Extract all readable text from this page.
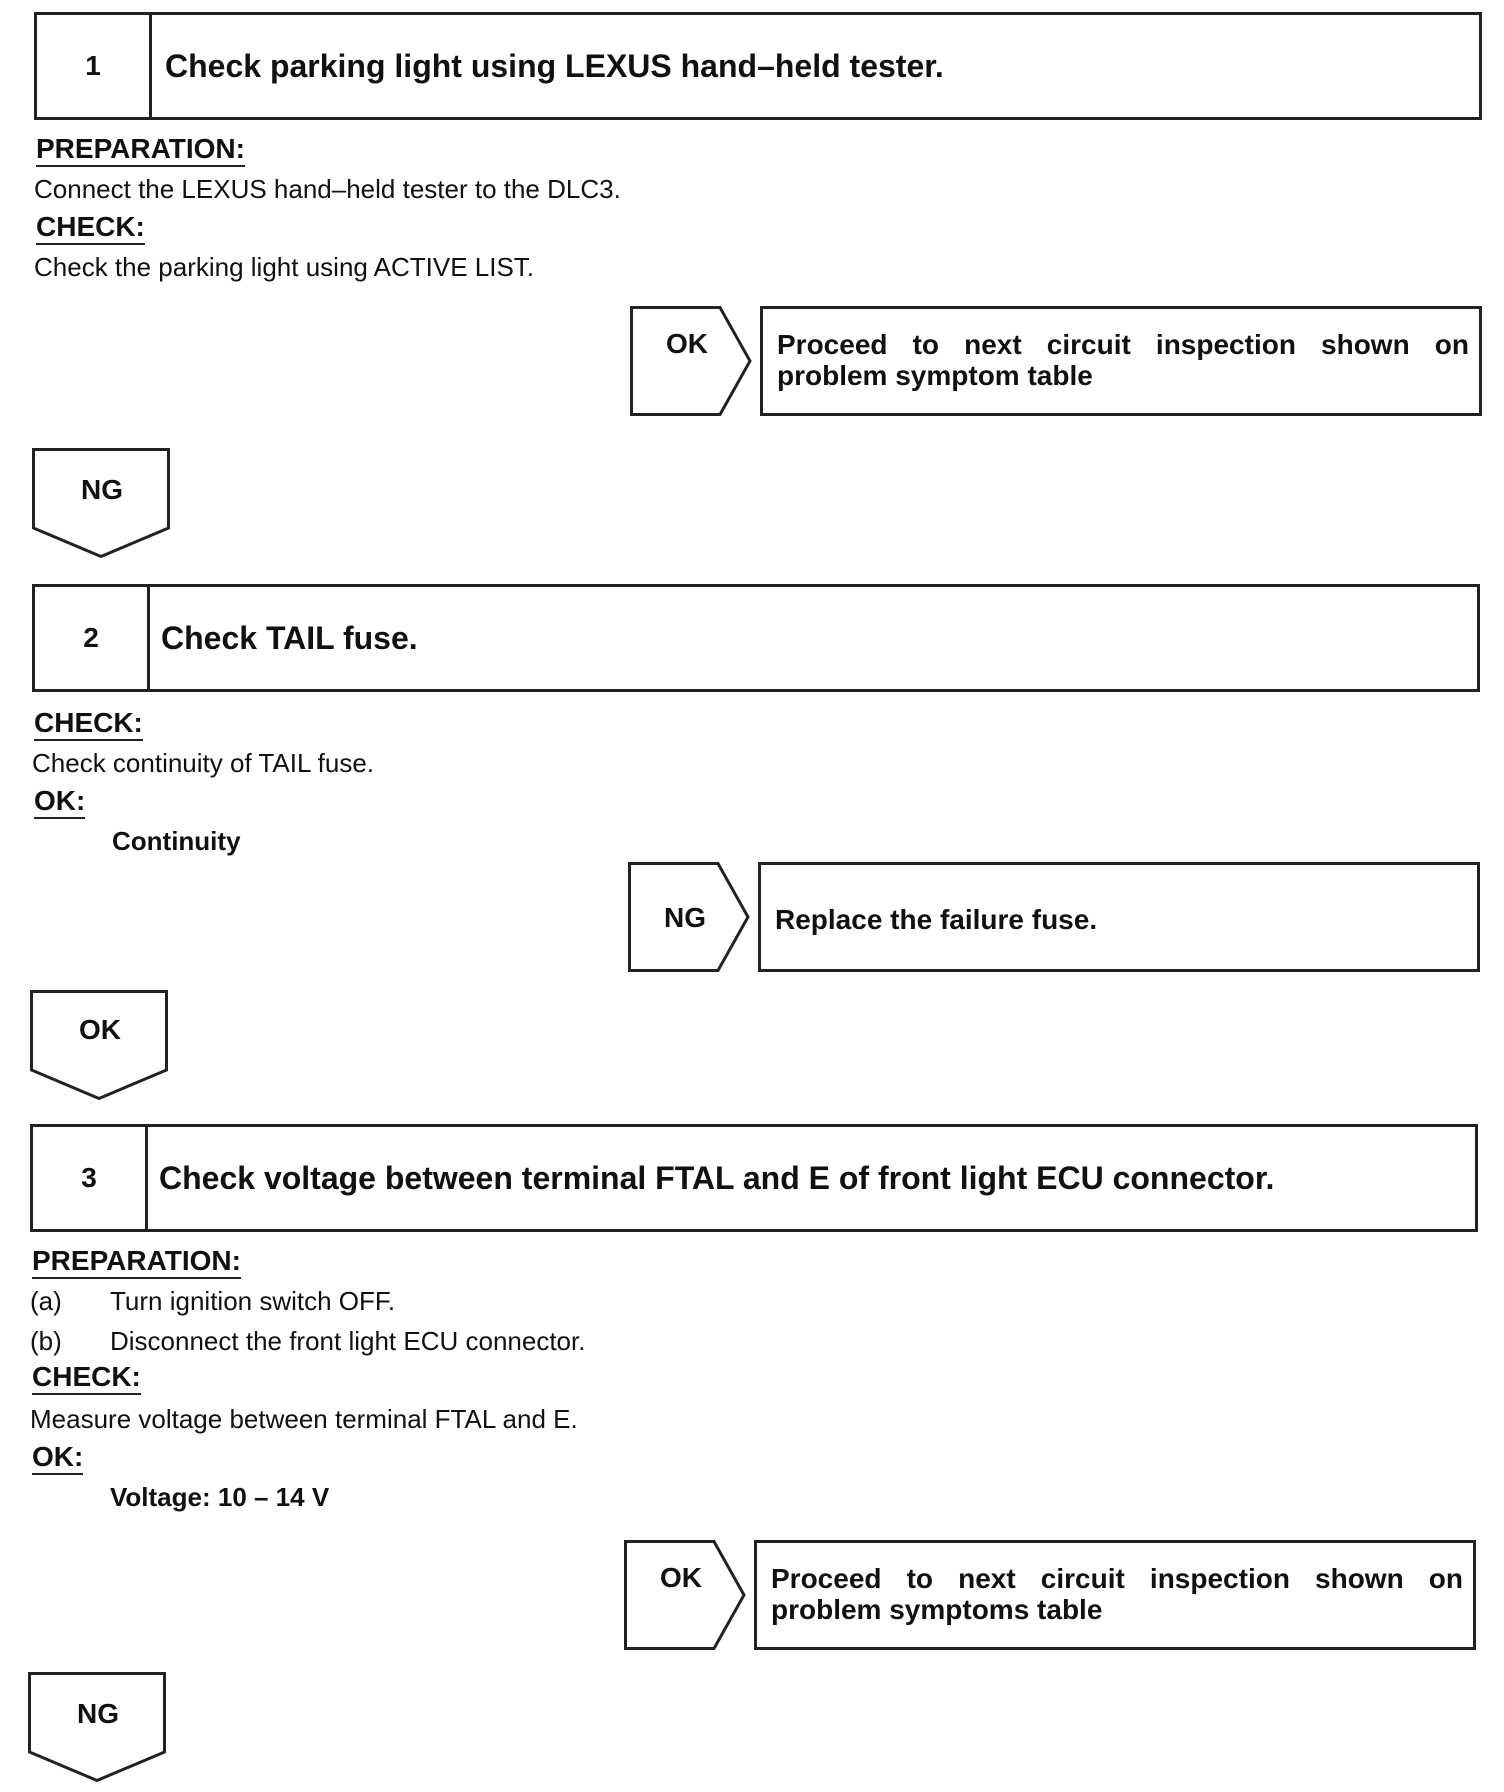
1	Check parking light using LEXUS hand–held tester.
PREPARATION:
Connect the LEXUS hand–held tester to the DLC3.
CHECK:
Check the parking light using ACTIVE LIST.
OK	Proceed to next circuit inspection shown on problem symptom table
NG
2	Check TAIL fuse.
CHECK:
Check continuity of TAIL fuse.
OK:
Continuity
NG	Replace the failure fuse.
OK
3	Check voltage between terminal FTAL and E of front light ECU connector.
PREPARATION:
(a) Turn ignition switch OFF.
(b) Disconnect the front light ECU connector.
CHECK:
Measure voltage between terminal FTAL and E.
OK:
Voltage: 10 – 14 V
OK	Proceed to next circuit inspection shown on problem symptoms table
NG
